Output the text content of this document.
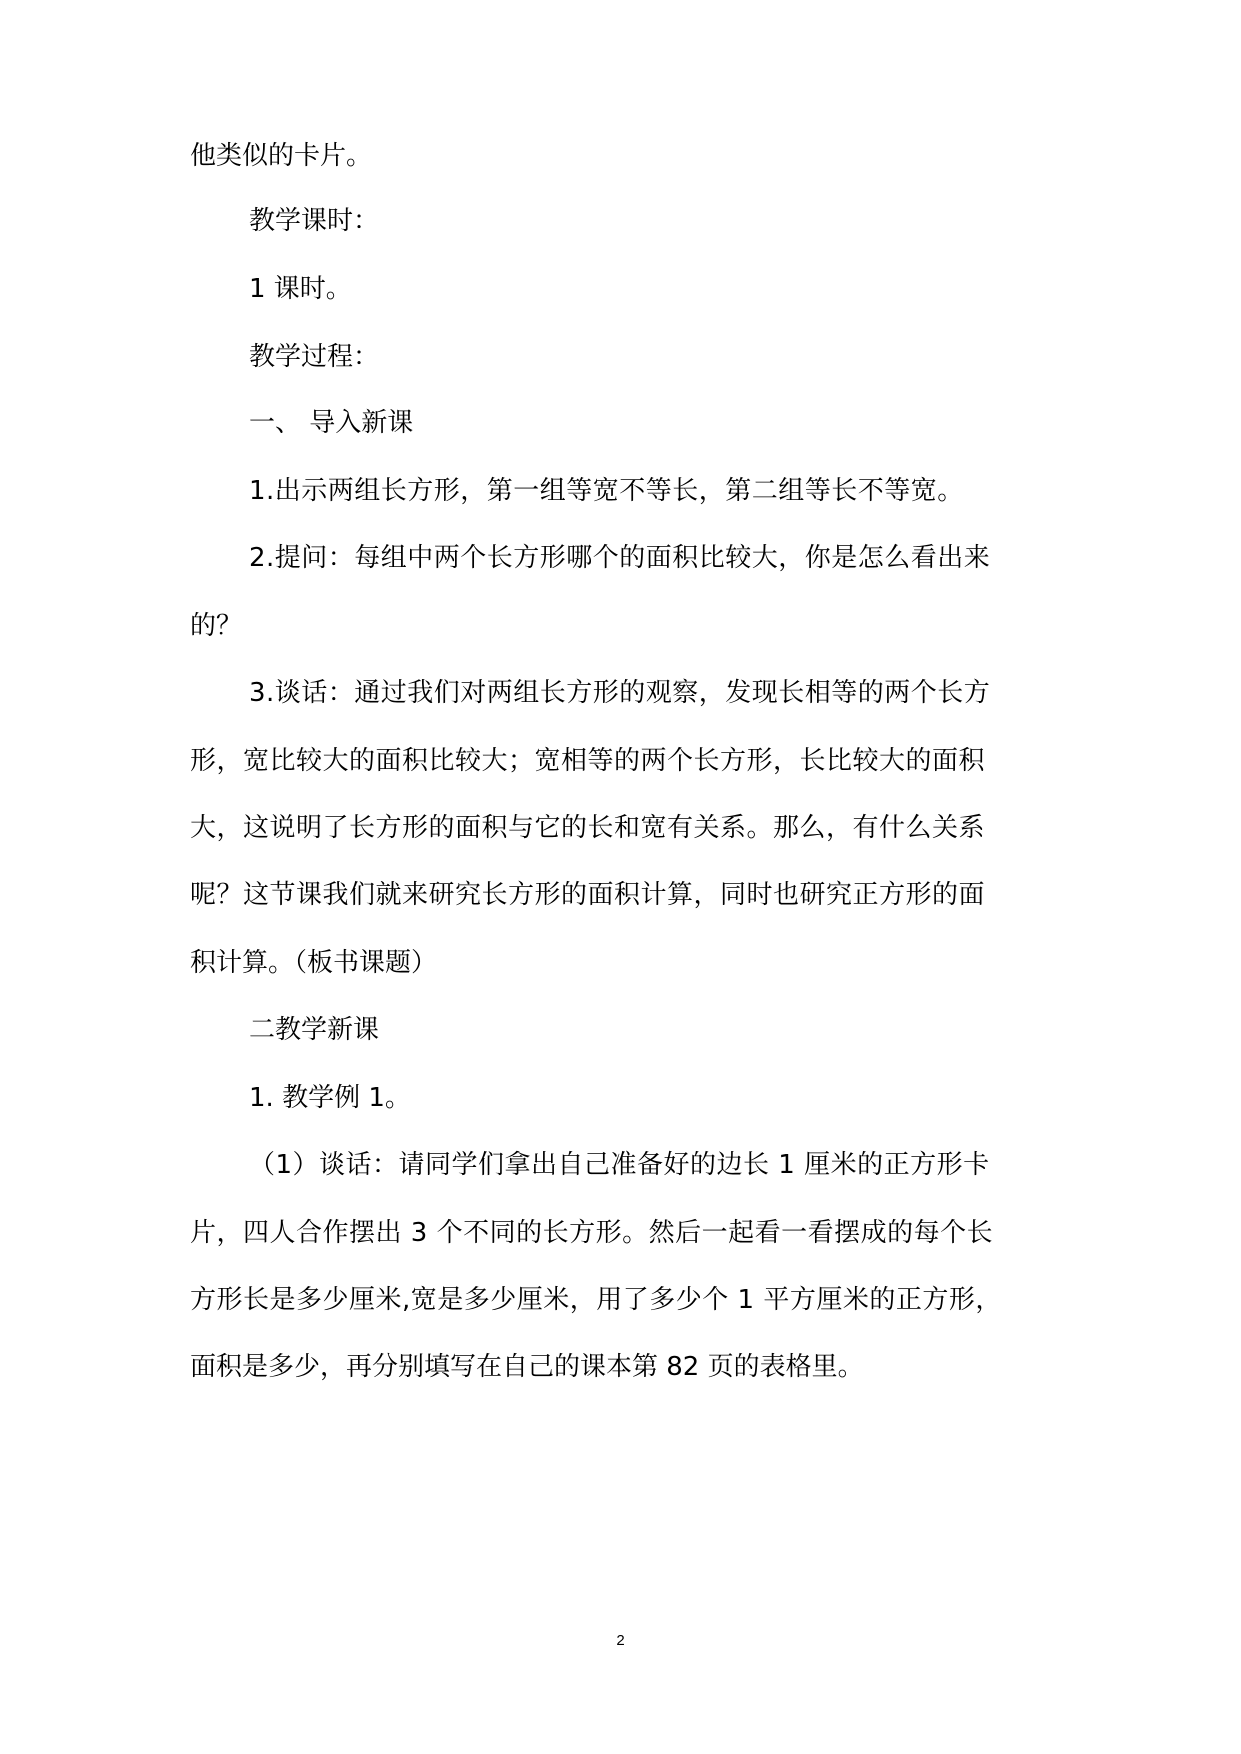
他类似的卡片。
教学课时：
1 课时。
教学过程：
一、 导入新课
1.出示两组长方形，第一组等宽不等长，第二组等长不等宽。
2.提问：每组中两个长方形哪个的面积比较大，你是怎么看出来
的？
3.谈话：通过我们对两组长方形的观察，发现长相等的两个长方
形，宽比较大的面积比较大；宽相等的两个长方形，长比较大的面积
大，这说明了长方形的面积与它的长和宽有关系。那么，有什么关系
呢？这节课我们就来研究长方形的面积计算，同时也研究正方形的面
积计算。（板书课题）
二教学新课
1. 教学例 1。
（1）谈话：请同学们拿出自己准备好的边长 1 厘米的正方形卡
片，四人合作摆出 3 个不同的长方形。然后一起看一看摆成的每个长
方形长是多少厘米,宽是多少厘米，用了多少个 1 平方厘米的正方形，
面积是多少，再分别填写在自己的课本第 82 页的表格里。
2
